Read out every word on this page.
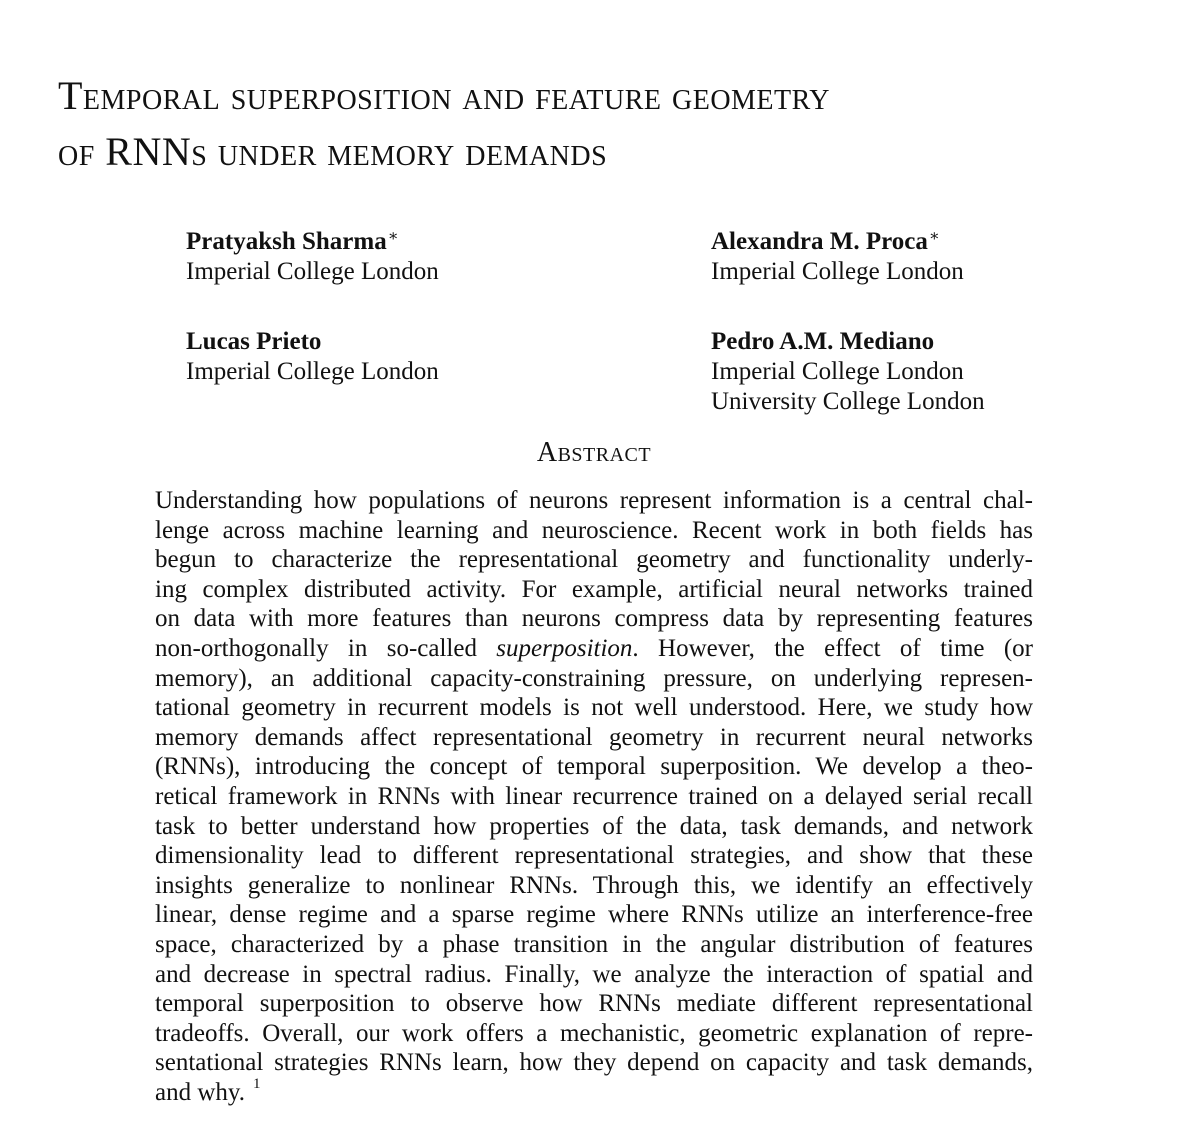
Temporal superposition and feature geometry
of RNNs under memory demands
Pratyaksh Sharma∗
Imperial College London
Alexandra M. Proca∗
Imperial College London
Lucas Prieto
Imperial College London
Pedro A.M. Mediano
Imperial College London
University College London
Abstract
Understanding how populations of neurons represent information is a central chal-
lenge across machine learning and neuroscience. Recent work in both fields has
begun to characterize the representational geometry and functionality underly-
ing complex distributed activity. For example, artificial neural networks trained
on data with more features than neurons compress data by representing features
non-orthogonally in so-called superposition. However, the effect of time (or
memory), an additional capacity-constraining pressure, on underlying represen-
tational geometry in recurrent models is not well understood. Here, we study how
memory demands affect representational geometry in recurrent neural networks
(RNNs), introducing the concept of temporal superposition. We develop a theo-
retical framework in RNNs with linear recurrence trained on a delayed serial recall
task to better understand how properties of the data, task demands, and network
dimensionality lead to different representational strategies, and show that these
insights generalize to nonlinear RNNs. Through this, we identify an effectively
linear, dense regime and a sparse regime where RNNs utilize an interference-free
space, characterized by a phase transition in the angular distribution of features
and decrease in spectral radius. Finally, we analyze the interaction of spatial and
temporal superposition to observe how RNNs mediate different representational
tradeoffs. Overall, our work offers a mechanistic, geometric explanation of repre-
sentational strategies RNNs learn, how they depend on capacity and task demands,
and why. $^1$
